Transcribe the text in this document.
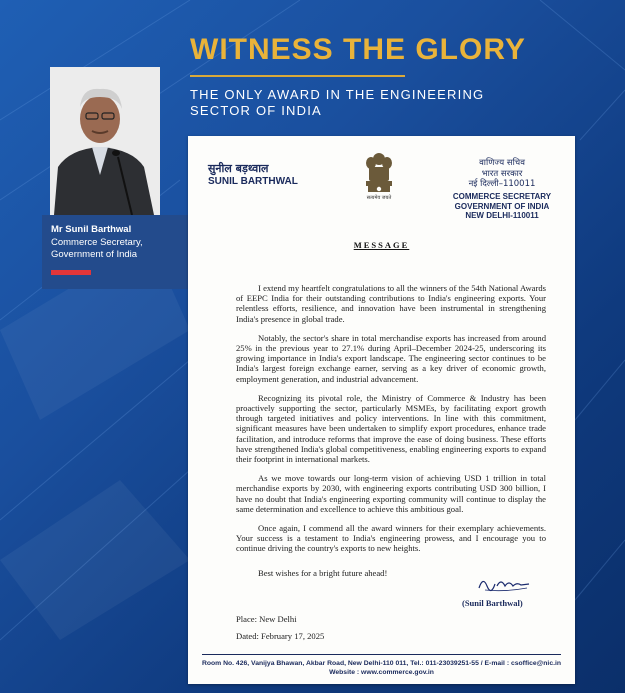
WITNESS THE GLORY
THE ONLY AWARD IN THE ENGINEERING SECTOR OF INDIA
Mr Sunil Barthwal
Commerce Secretary, Government of India
सुनील बड़थ्वाल
SUNIL BARTHWAL
सत्यमेव जयते
वाणिज्य सचिव
भारत सरकार
नई दिल्ली–110011
COMMERCE SECRETARY
GOVERNMENT OF INDIA
NEW DELHI-110011
MESSAGE

I extend my heartfelt congratulations to all the winners of the 54th National Awards of EEPC India for their outstanding contributions to India's engineering exports. Your relentless efforts, resilience, and innovation have been instrumental in strengthening India's presence in global trade.

Notably, the sector's share in total merchandise exports has increased from around 25% in the previous year to 27.1% during April–December 2024-25, underscoring its growing importance in India's export landscape. The engineering sector continues to be India's largest foreign exchange earner, serving as a key driver of economic growth, employment generation, and industrial advancement.

Recognizing its pivotal role, the Ministry of Commerce & Industry has been proactively supporting the sector, particularly MSMEs, by facilitating export growth through targeted initiatives and policy interventions. In line with this commitment, significant measures have been undertaken to simplify export procedures, enhance trade facilitation, and introduce reforms that improve the ease of doing business. These efforts have strengthened India's global competitiveness, enabling engineering exports to expand their footprint in international markets.

As we move towards our long-term vision of achieving USD 1 trillion in total merchandise exports by 2030, with engineering exports contributing USD 300 billion, I have no doubt that India's engineering exporting community will continue to display the same determination and excellence to achieve this ambitious goal.

Once again, I commend all the award winners for their exemplary achievements. Your success is a testament to India's engineering prowess, and I encourage you to continue driving the country's exports to new heights.

Best wishes for a bright future ahead!
(Sunil Barthwal)
Place: New Delhi
Dated: February 17, 2025
Room No. 426, Vanijya Bhawan, Akbar Road, New Delhi-110 011, Tel.: 011-23039251-55 / E-mail : csoffice@nic.in
Website : www.commerce.gov.in
